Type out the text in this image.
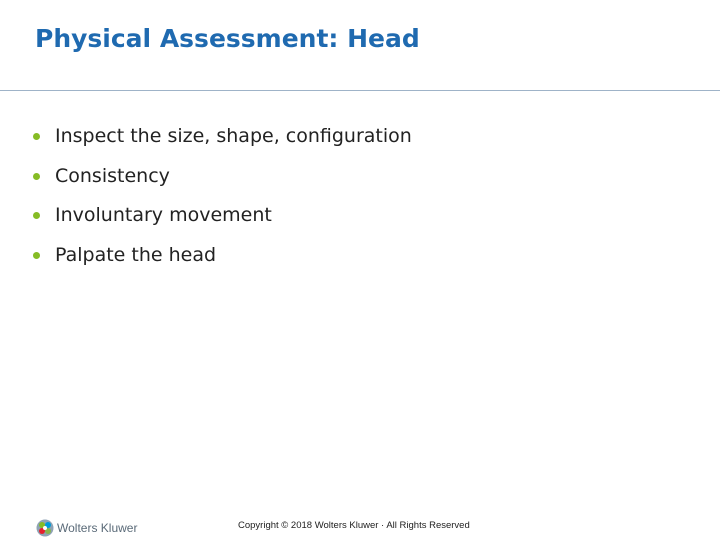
Physical Assessment: Head
Inspect the size, shape, configuration
Consistency
Involuntary movement
Palpate the head
Wolters Kluwer	Copyright © 2018 Wolters Kluwer · All Rights Reserved
